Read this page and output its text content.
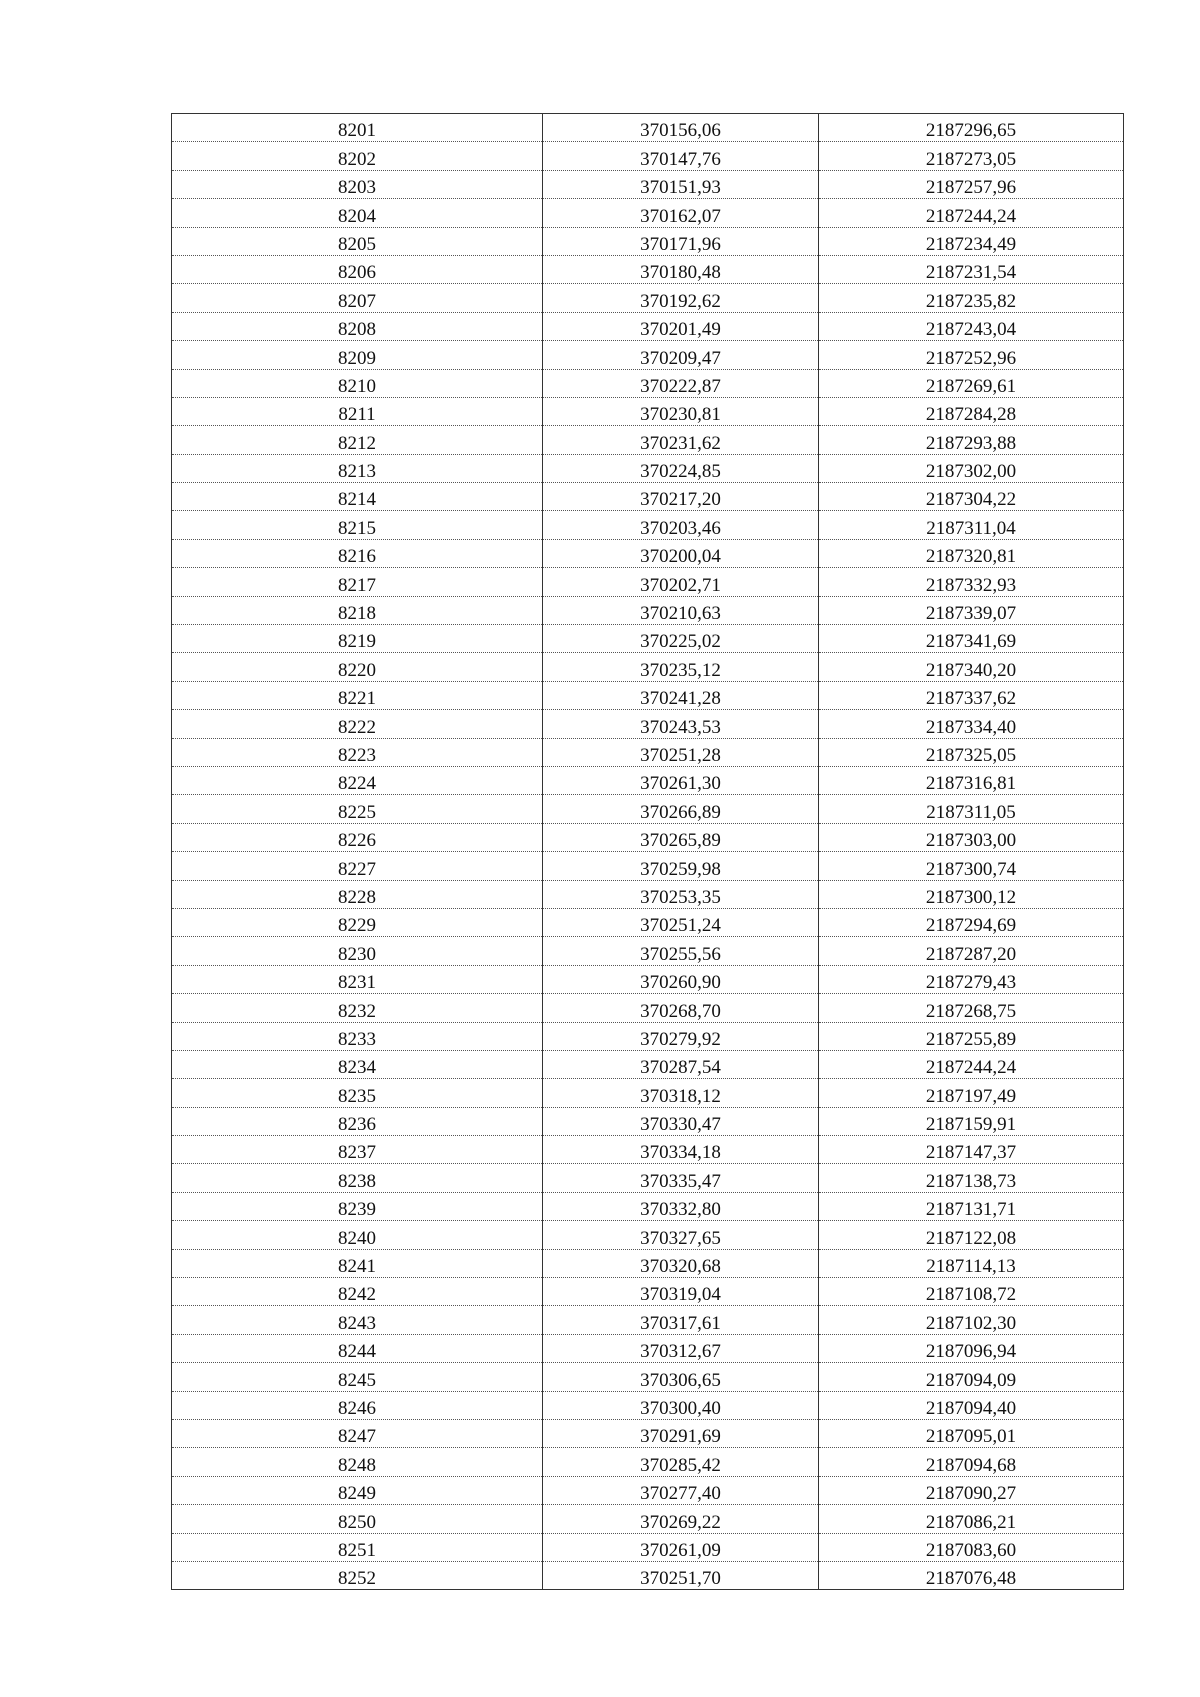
8201	370156,06	2187296,65
8202	370147,76	2187273,05
8203	370151,93	2187257,96
8204	370162,07	2187244,24
8205	370171,96	2187234,49
8206	370180,48	2187231,54
8207	370192,62	2187235,82
8208	370201,49	2187243,04
8209	370209,47	2187252,96
8210	370222,87	2187269,61
8211	370230,81	2187284,28
8212	370231,62	2187293,88
8213	370224,85	2187302,00
8214	370217,20	2187304,22
8215	370203,46	2187311,04
8216	370200,04	2187320,81
8217	370202,71	2187332,93
8218	370210,63	2187339,07
8219	370225,02	2187341,69
8220	370235,12	2187340,20
8221	370241,28	2187337,62
8222	370243,53	2187334,40
8223	370251,28	2187325,05
8224	370261,30	2187316,81
8225	370266,89	2187311,05
8226	370265,89	2187303,00
8227	370259,98	2187300,74
8228	370253,35	2187300,12
8229	370251,24	2187294,69
8230	370255,56	2187287,20
8231	370260,90	2187279,43
8232	370268,70	2187268,75
8233	370279,92	2187255,89
8234	370287,54	2187244,24
8235	370318,12	2187197,49
8236	370330,47	2187159,91
8237	370334,18	2187147,37
8238	370335,47	2187138,73
8239	370332,80	2187131,71
8240	370327,65	2187122,08
8241	370320,68	2187114,13
8242	370319,04	2187108,72
8243	370317,61	2187102,30
8244	370312,67	2187096,94
8245	370306,65	2187094,09
8246	370300,40	2187094,40
8247	370291,69	2187095,01
8248	370285,42	2187094,68
8249	370277,40	2187090,27
8250	370269,22	2187086,21
8251	370261,09	2187083,60
8252	370251,70	2187076,48
